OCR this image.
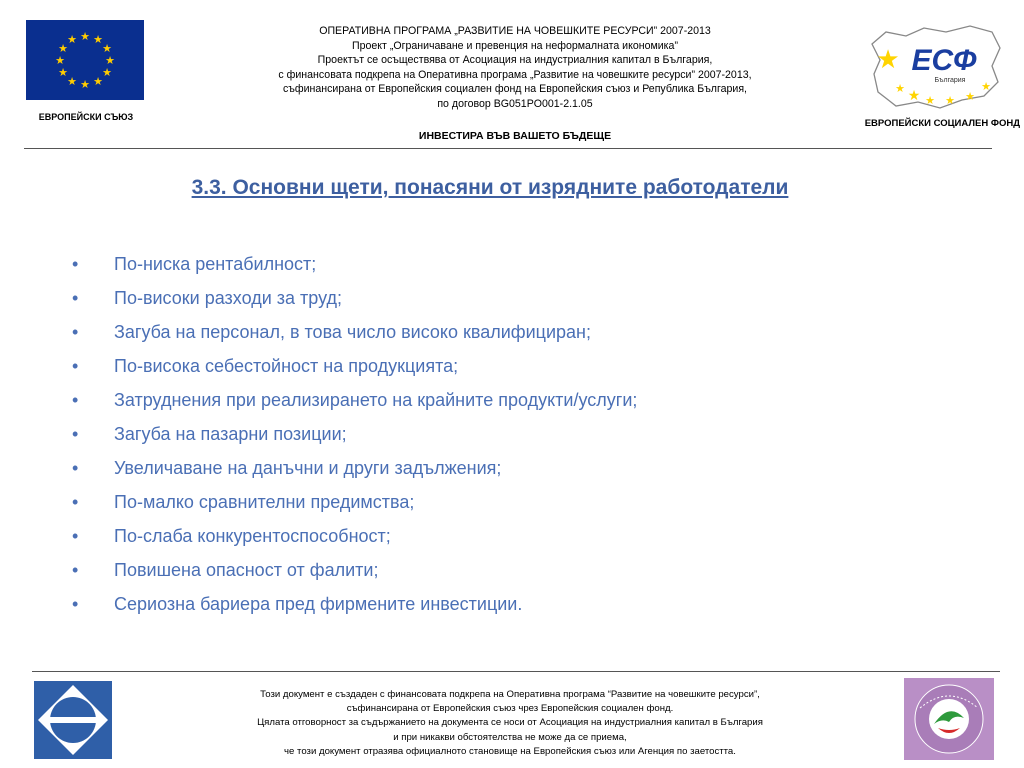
★ ★
★
★
★
★
★
★
★
★
★
★
ЕВРОПЕЙСКИ СЪЮЗ
ОПЕРАТИВНА ПРОГРАМА „РАЗВИТИЕ НА ЧОВЕШКИТЕ РЕСУРСИ” 2007-2013
Проект „Ограничаване и превенция на неформалната икономика”
Проектът се осъществява от Асоциация на индустриалния капитал в България,
с финансовата подкрепа на Оперативна програма „Развитие на човешките ресурси” 2007-2013,
съфинансирана от Европейския социален фонд на Европейския съюз и Република България,
по договор BG051PO001-2.1.05
ИНВЕСТИРА ВЪВ ВАШЕТО БЪДЕЩЕ
★
★
★
★ ★ ★
★
ЕСФ
България
ЕВРОПЕЙСКИ СОЦИАЛЕН ФОНД
3.3. Основни щети, понасяни от изрядните работодатели
•	По-ниска рентабилност;
•	По-високи разходи за труд;
•	Загуба на персонал, в това число високо квалифициран;
•	По-висока себестойност на продукцията;
•	Затруднения при реализирането на крайните продукти/услуги;
•	Загуба на пазарни позиции;
•	Увеличаване на данъчни и други задължения;
•	По-малко сравнителни предимства;
•	По-слаба конкурентоспособност;
•	Повишена опасност от фалити;
•	Сериозна бариера пред фирмените инвестиции.
Този документ е създаден с финансовата подкрепа на Оперативна програма “Развитие на човешките ресурси”,
съфинансирана от Европейския съюз чрез Европейския социален фонд.
Цялата отговорност за съдържанието на документа се носи от Асоциация на индустриалния капитал в България
и при никакви обстоятелства не може да се приема,
че този документ отразява официалното становище на Европейския съюз или Агенция по заетостта.
